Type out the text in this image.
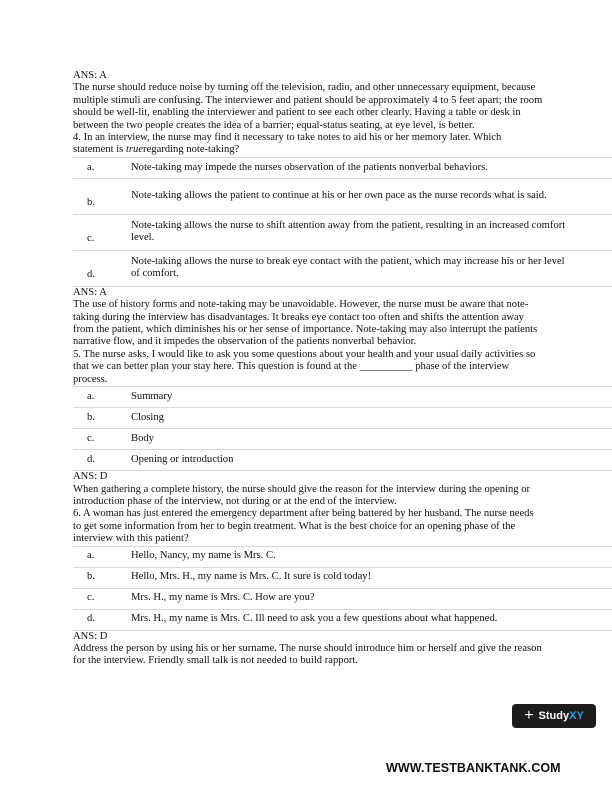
ANS: A

The nurse should reduce noise by turning off the television, radio, and other unnecessary equipment, because multiple stimuli are confusing. The interviewer and patient should be approximately 4 to 5 feet apart; the room should be well-lit, enabling the interviewer and patient to see each other clearly. Having a table or desk in between the two people creates the idea of a barrier; equal-status seating, at eye level, is better.

4. In an interview, the nurse may find it necessary to take notes to aid his or her memory later. Which statement is trueregarding note-taking?

a.	Note-taking may impede the nurses observation of the patients nonverbal behaviors.
b.	Note-taking allows the patient to continue at his or her own pace as the nurse records what is said.
c.	Note-taking allows the nurse to shift attention away from the patient, resulting in an increased comfort level.
d.	Note-taking allows the nurse to break eye contact with the patient, which may increase his or her level of comfort.

ANS: A

The use of history forms and note-taking may be unavoidable. However, the nurse must be aware that note-taking during the interview has disadvantages. It breaks eye contact too often and shifts the attention away from the patient, which diminishes his or her sense of importance. Note-taking may also interrupt the patients narrative flow, and it impedes the observation of the patients nonverbal behavior.

5. The nurse asks, I would like to ask you some questions about your health and your usual daily activities so that we can better plan your stay here. This question is found at the __________ phase of the interview process.

a.	Summary
b.	Closing
c.	Body
d.	Opening or introduction

ANS: D

When gathering a complete history, the nurse should give the reason for the interview during the opening or introduction phase of the interview, not during or at the end of the interview.

6. A woman has just entered the emergency department after being battered by her husband. The nurse needs to get some information from her to begin treatment. What is the best choice for an opening phase of the interview with this patient?

a.	Hello, Nancy, my name is Mrs. C.
b.	Hello, Mrs. H., my name is Mrs. C. It sure is cold today!
c.	Mrs. H., my name is Mrs. C. How are you?
d.	Mrs. H., my name is Mrs. C. Ill need to ask you a few questions about what happened.

ANS: D

Address the person by using his or her surname. The nurse should introduce him or herself and give the reason for the interview. Friendly small talk is not needed to build rapport.

+ Study XY
WWW.TESTBANKTANK.COM
